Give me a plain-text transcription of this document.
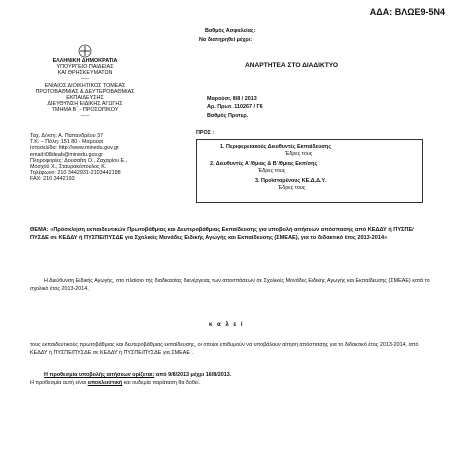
ΑΔΑ: ΒΛΩΕ9-5Ν4
Βαθμός Ασφαλείας:
Να διατηρηθεί μέχρι:
ΑΝΑΡΤΗΤΕΑ ΣΤΟ ΔΙΑΔΙΚΤΥΟ
Μαρούσι, 8/8 / 2013
Αρ. Πρωτ. 110267 / Γ6
Βαθμός Προτερ.
ΕΛΛΗΝΙΚΗ ΔΗΜΟΚΡΑΤΙΑ
ΥΠΟΥΡΓΕΙΟ ΠΑΙΔΕΙΑΣ
ΚΑΙ ΘΡΗΣΚΕΥΜΑΤΩΝ
-----
ΕΝΙΑΙΟΣ ΔΙΟΙΚΗΤΙΚΟΣ ΤΟΜΕΑΣ
ΠΡΩΤΟΒΑΘΜΙΑΣ & ΔΕΥΤΕΡΟΒΑΘΜΙΑΣ
ΕΚΠΑΙΔΕΥΣΗΣ
ΔΙΕΥΘΥΝΣΗ ΕΙΔΙΚΗΣ ΑΓΩΓΗΣ
ΤΜΗΜΑ Β΄ - ΠΡΟΣΩΠΙΚΟΥ
-----
Ταχ. Δ/νση: Α. Παπανδρέου 37
Τ.Κ. – Πόλη: 151 80 - Μαρούσι
Ιστοσελίδα: http://www.minedu.gov.gr
email:t08deab@minedu.gov.gr
Πληροφορίες: Δουσαΐτη Ο., Ζαχαρίου Ε.,
Μοσχού Χ., Σταυρακόπουλος Κ.
Τηλέφωνο: 210 3442931-2103442198
FAX: 210 3442193
ΠΡΟΣ :
1. Περιφερειακούς Διευθυντές Εκπαίδευσης
Έδρες τους
2. Διευθυντές Α΄/θμιας & Β΄/θμιας Εκπ/σης
Έδρες τους
3. Προϊσταμένους ΚΕ.Δ.Δ.Υ.
Έδρες τους
ΘΕΜΑ: «Πρόσκληση εκπαιδευτικών Πρωτοβάθμιας και Δευτεροβάθμιας Εκπαίδευσης για υποβολή αιτήσεων απόσπασης από ΚΕΔΔΥ ή ΠΥΣΠΕ/ΠΥΣΔΕ σε ΚΕΔΔΥ ή ΠΥΣΠΕ/ΠΥΣΔΕ για Σχολικές Μονάδες Ειδικής Αγωγής και Εκπαίδευσης (ΣΜΕΑΕ), για το διδακτικό έτος 2013-2014»
Η Διεύθυνση Ειδικής Αγωγής, στο πλαίσιο της διαδικασίας διενέργειας των αποσπάσεων σε Σχολικές Μονάδες Ειδικής Αγωγής και Εκπαίδευσης (ΣΜΕΑΕ) κατά το σχολικό έτος 2013-2014,
κ α λ ε ί
τους εκπαιδευτικούς πρωτοβάθμιας και δευτεροβάθμιας εκπαίδευσης, οι οποίοι επιθυμούν να υποβάλουν αίτηση απόσπασης για το διδακτικό έτος 2013-2014, από ΚΕΔΔΥ ή ΠΥΣΠΕ/ΠΥΣΔΕ σε ΚΕΔΔΥ ή ΠΥΣΠΕ/ΠΥΣΔΕ για ΣΜΕΑΕ .
Η προθεσμία υποβολής αιτήσεων ορίζεται: από 9/8/2013 μέχρι 16/8/2013.
Η προθεσμία αυτή είναι αποκλειστική και ουδεμία παράταση θα δοθεί.
